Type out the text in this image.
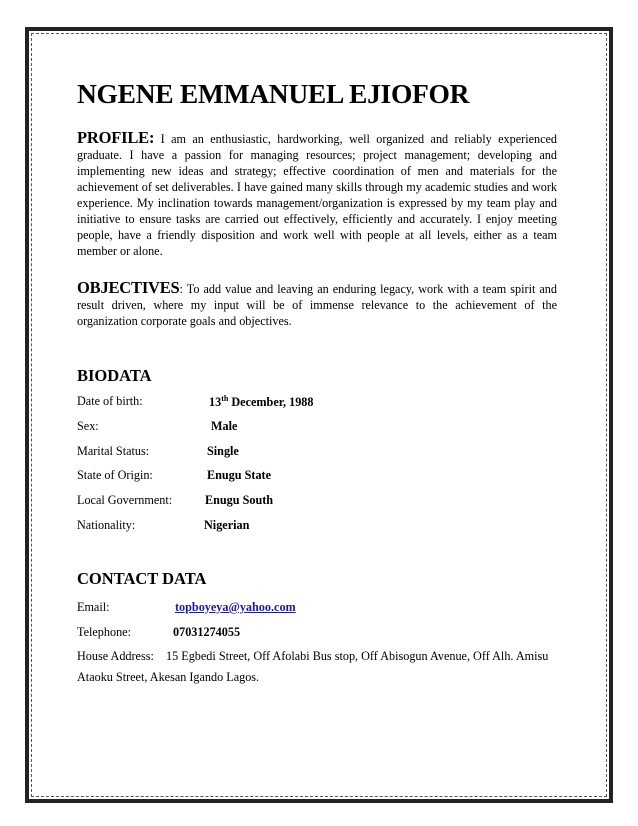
NGENE EMMANUEL EJIOFOR
PROFILE: I am an enthusiastic, hardworking, well organized and reliably experienced graduate. I have a passion for managing resources; project management; developing and implementing new ideas and strategy; effective coordination of men and materials for the achievement of set deliverables. I have gained many skills through my academic studies and work experience. My inclination towards management/organization is expressed by my team play and initiative to ensure tasks are carried out effectively, efficiently and accurately. I enjoy meeting people, have a friendly disposition and work well with people at all levels, either as a team member or alone.
OBJECTIVES: To add value and leaving an enduring legacy, work with a team spirit and result driven, where my input will be of immense relevance to the achievement of the organization corporate goals and objectives.
BIODATA
Date of birth:	13th December, 1988
Sex:	Male
Marital Status:	Single
State of Origin:	Enugu State
Local Government:	Enugu South
Nationality:	Nigerian
CONTACT DATA
Email:	topboyeya@yahoo.com
Telephone:	07031274055
House Address: 15 Egbedi Street, Off Afolabi Bus stop, Off Abisogun Avenue, Off Alh. Amisu Ataoku Street, Akesan Igando Lagos.
